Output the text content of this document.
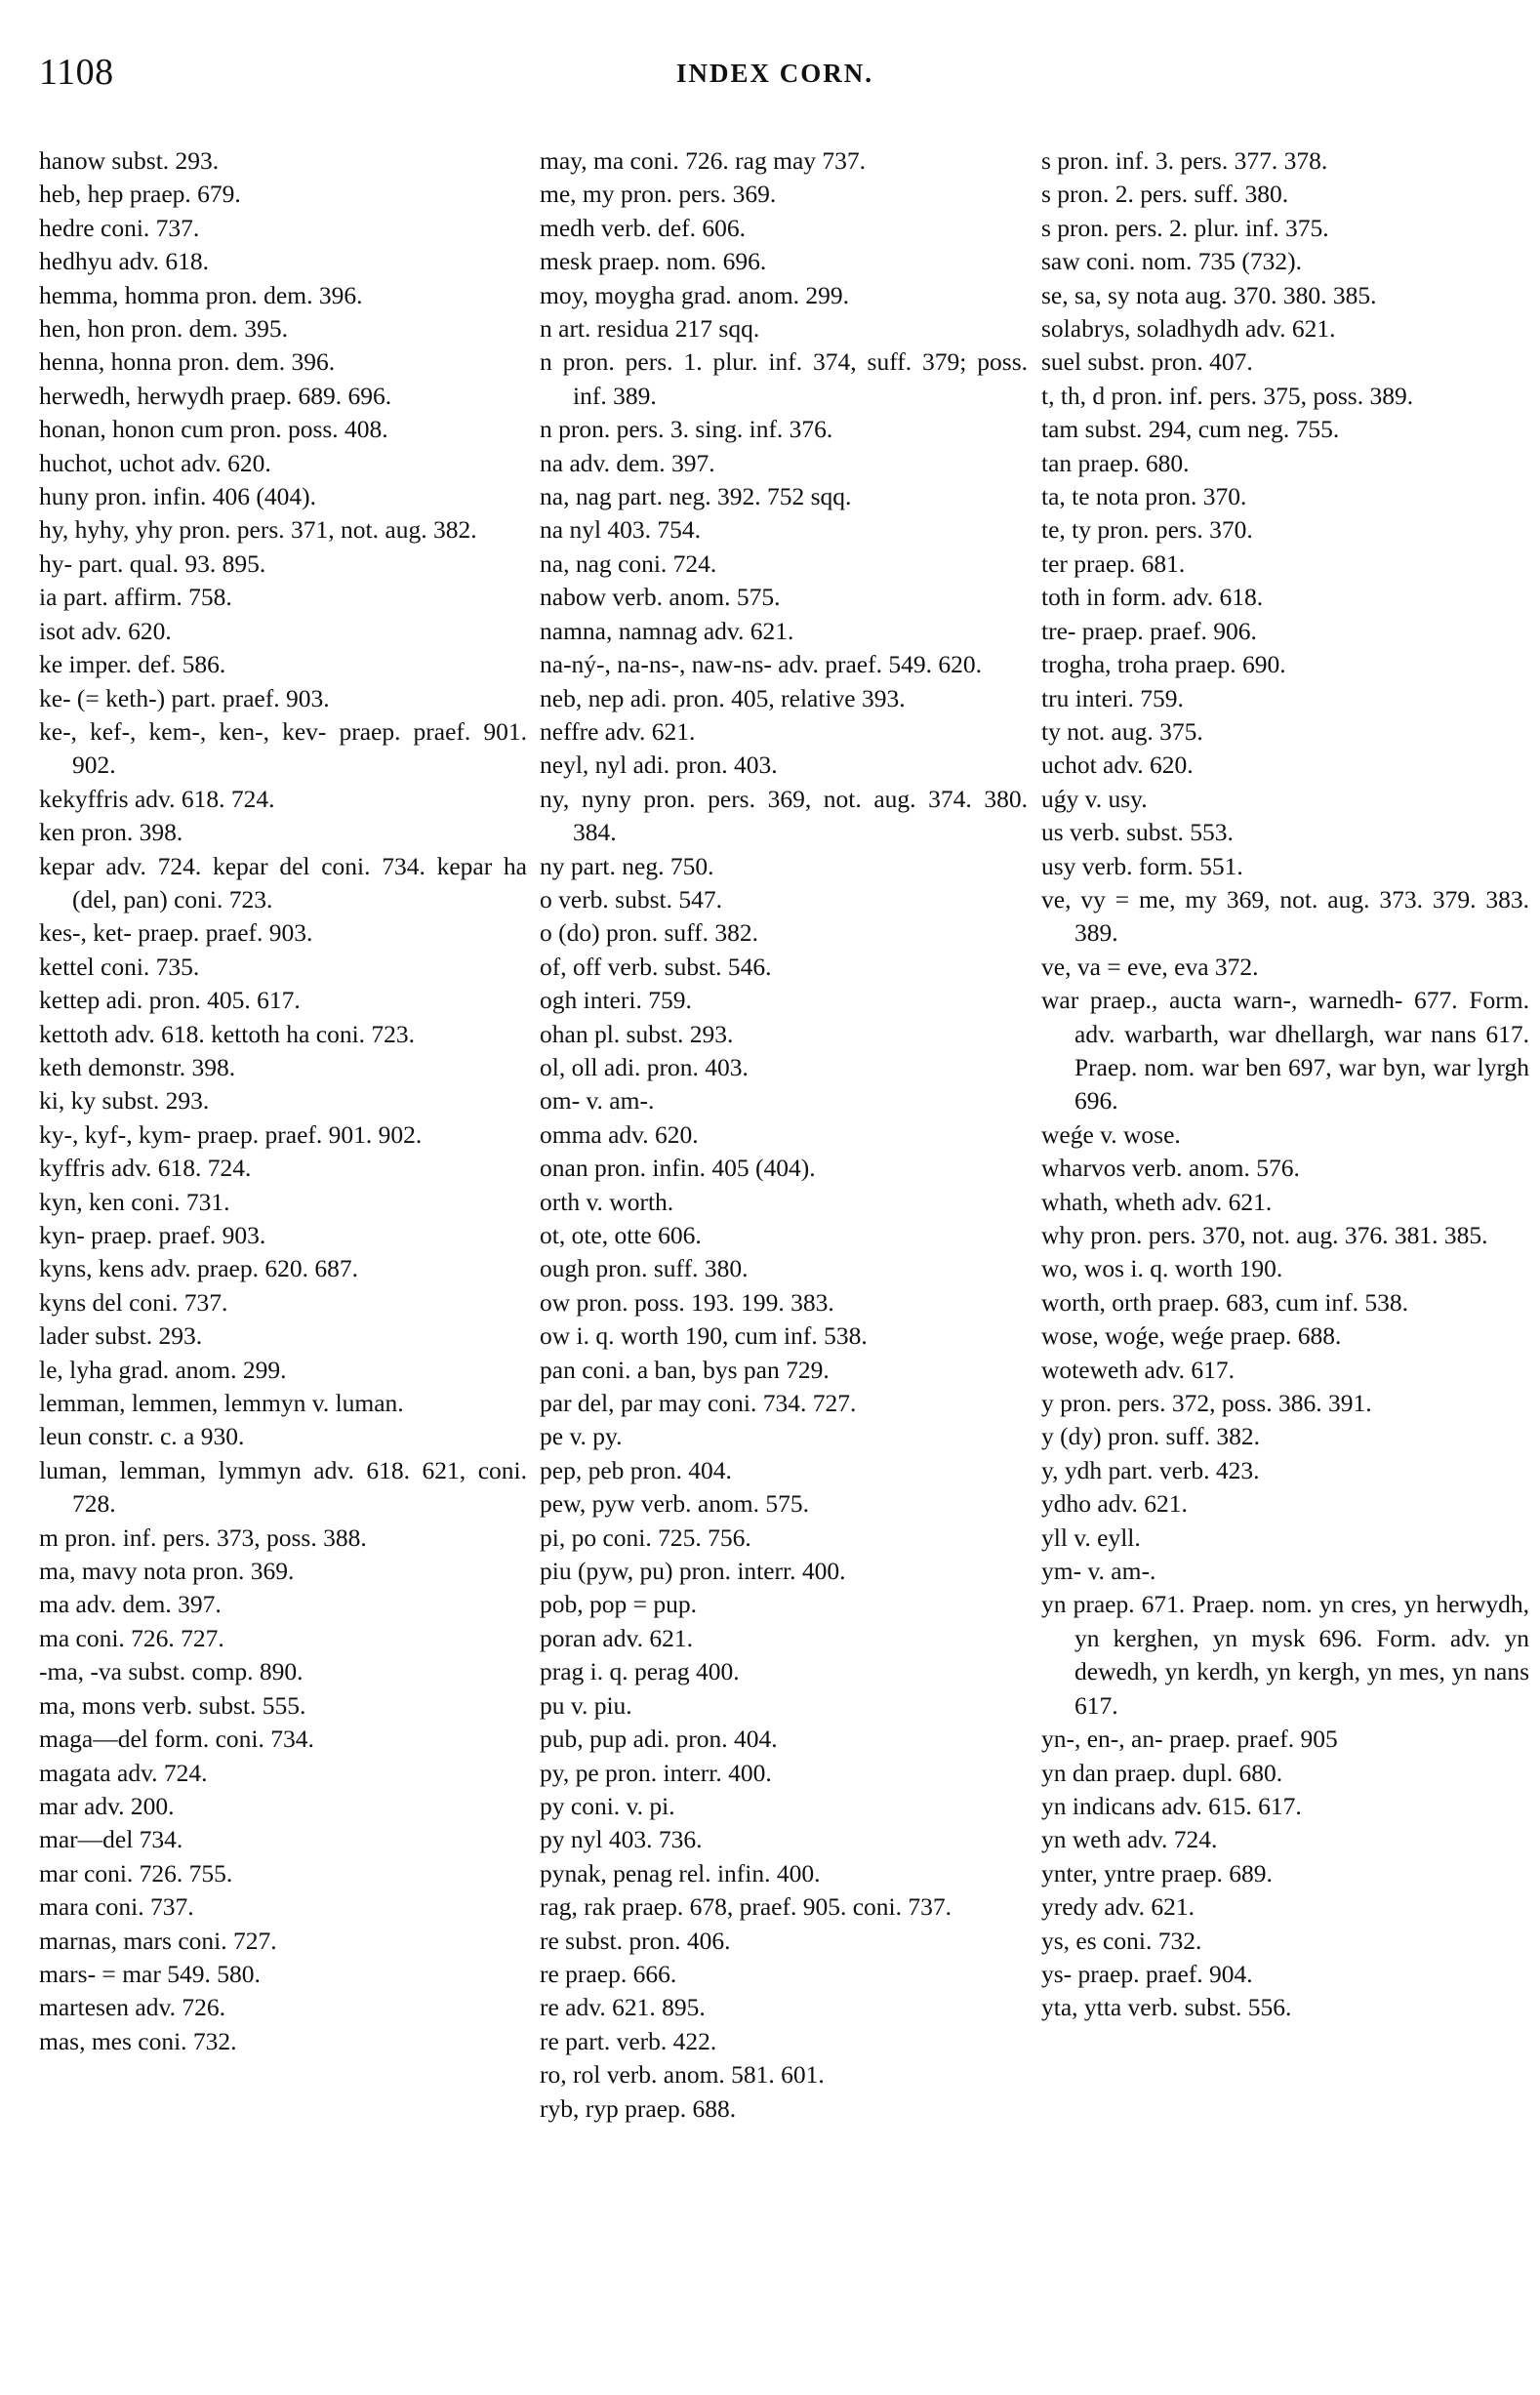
1108	INDEX CORN.

hanow subst. 293.

heb, hep praep. 679.

hedre coni. 737.

hedhyu adv. 618.

hemma, homma pron. dem. 396.

hen, hon pron. dem. 395.

henna, honna pron. dem. 396.

herwedh, herwydh praep. 689. 696.

honan, honon cum pron. poss. 408.

huchot, uchot adv. 620.

huny pron. infin. 406 (404).

hy, hyhy, yhy pron. pers. 371, not. aug. 382.

hy- part. qual. 93. 895.

ia part. affirm. 758.

isot adv. 620.

ke imper. def. 586.

ke- (= keth-) part. praef. 903.

ke-, kef-, kem-, ken-, kev- praep. praef. 901. 902.

kekyffris adv. 618. 724.

ken pron. 398.

kepar adv. 724. kepar del coni. 734. kepar ha (del, pan) coni. 723.

kes-, ket- praep. praef. 903.

kettel coni. 735.

kettep adi. pron. 405. 617.

kettoth adv. 618. kettoth ha coni. 723.

keth demonstr. 398.

ki, ky subst. 293.

ky-, kyf-, kym- praep. praef. 901. 902.

kyffris adv. 618. 724.

kyn, ken coni. 731.

kyn- praep. praef. 903.

kyns, kens adv. praep. 620. 687.

kyns del coni. 737.

lader subst. 293.

le, lyha grad. anom. 299.

lemman, lemmen, lemmyn v. luman.

leun constr. c. a 930.

luman, lemman, lymmyn adv. 618. 621, coni. 728.

m pron. inf. pers. 373, poss. 388.

ma, mavy nota pron. 369.

ma adv. dem. 397.

ma coni. 726. 727.

-ma, -va subst. comp. 890.

ma, mons verb. subst. 555.

maga—del form. coni. 734.

magata adv. 724.

mar adv. 200.

mar—del 734.

mar coni. 726. 755.

mara coni. 737.

marnas, mars coni. 727.

mars- = mar 549. 580.

martesen adv. 726.

mas, mes coni. 732.

may, ma coni. 726. rag may 737.

me, my pron. pers. 369.

medh verb. def. 606.

mesk praep. nom. 696.

moy, moygha grad. anom. 299.

n art. residua 217 sqq.

n pron. pers. 1. plur. inf. 374, suff. 379; poss. inf. 389.

n pron. pers. 3. sing. inf. 376.

na adv. dem. 397.

na, nag part. neg. 392. 752 sqq.

na nyl 403. 754.

na, nag coni. 724.

nabow verb. anom. 575.

namna, namnag adv. 621.

na-ný-, na-ns-, naw-ns- adv. praef. 549. 620.

neb, nep adi. pron. 405, relative 393.

neffre adv. 621.

neyl, nyl adi. pron. 403.

ny, nyny pron. pers. 369, not. aug. 374. 380. 384.

ny part. neg. 750.

o verb. subst. 547.

o (do) pron. suff. 382.

of, off verb. subst. 546.

ogh interi. 759.

ohan pl. subst. 293.

ol, oll adi. pron. 403.

om- v. am-.

omma adv. 620.

onan pron. infin. 405 (404).

orth v. worth.

ot, ote, otte 606.

ough pron. suff. 380.

ow pron. poss. 193. 199. 383.

ow i. q. worth 190, cum inf. 538.

pan coni. a ban, bys pan 729.

par del, par may coni. 734. 727.

pe v. py.

pep, peb pron. 404.

pew, pyw verb. anom. 575.

pi, po coni. 725. 756.

piu (pyw, pu) pron. interr. 400.

pob, pop = pup.

poran adv. 621.

prag i. q. perag 400.

pu v. piu.

pub, pup adi. pron. 404.

py, pe pron. interr. 400.

py coni. v. pi.

py nyl 403. 736.

pynak, penag rel. infin. 400.

rag, rak praep. 678, praef. 905. coni. 737.

re subst. pron. 406.

re praep. 666.

re adv. 621. 895.

re part. verb. 422.

ro, rol verb. anom. 581. 601.

ryb, ryp praep. 688.

s pron. inf. 3. pers. 377. 378.

s pron. 2. pers. suff. 380.

s pron. pers. 2. plur. inf. 375.

saw coni. nom. 735 (732).

se, sa, sy nota aug. 370. 380. 385.

solabrys, soladhydh adv. 621.

suel subst. pron. 407.

t, th, d pron. inf. pers. 375, poss. 389.

tam subst. 294, cum neg. 755.

tan praep. 680.

ta, te nota pron. 370.

te, ty pron. pers. 370.

ter praep. 681.

toth in form. adv. 618.

tre- praep. praef. 906.

trogha, troha praep. 690.

tru interi. 759.

ty not. aug. 375.

uchot adv. 620.

uǵy v. usy.

us verb. subst. 553.

usy verb. form. 551.

ve, vy = me, my 369, not. aug. 373. 379. 383. 389.

ve, va = eve, eva 372.

war praep., aucta warn-, warnedh- 677. Form. adv. warbarth, war dhellargh, war nans 617. Praep. nom. war ben 697, war byn, war lyrgh 696.

weǵe v. wose.

wharvos verb. anom. 576.

whath, wheth adv. 621.

why pron. pers. 370, not. aug. 376. 381. 385.

wo, wos i. q. worth 190.

worth, orth praep. 683, cum inf. 538.

wose, woǵe, weǵe praep. 688.

woteweth adv. 617.

y pron. pers. 372, poss. 386. 391.

y (dy) pron. suff. 382.

y, ydh part. verb. 423.

ydho adv. 621.

yll v. eyll.

ym- v. am-.

yn praep. 671. Praep. nom. yn cres, yn herwydh, yn kerghen, yn mysk 696. Form. adv. yn dewedh, yn kerdh, yn kergh, yn mes, yn nans 617.

yn-, en-, an- praep. praef. 905

yn dan praep. dupl. 680.

yn indicans adv. 615. 617.

yn weth adv. 724.

ynter, yntre praep. 689.

yredy adv. 621.

ys, es coni. 732.

ys- praep. praef. 904.

yta, ytta verb. subst. 556.
